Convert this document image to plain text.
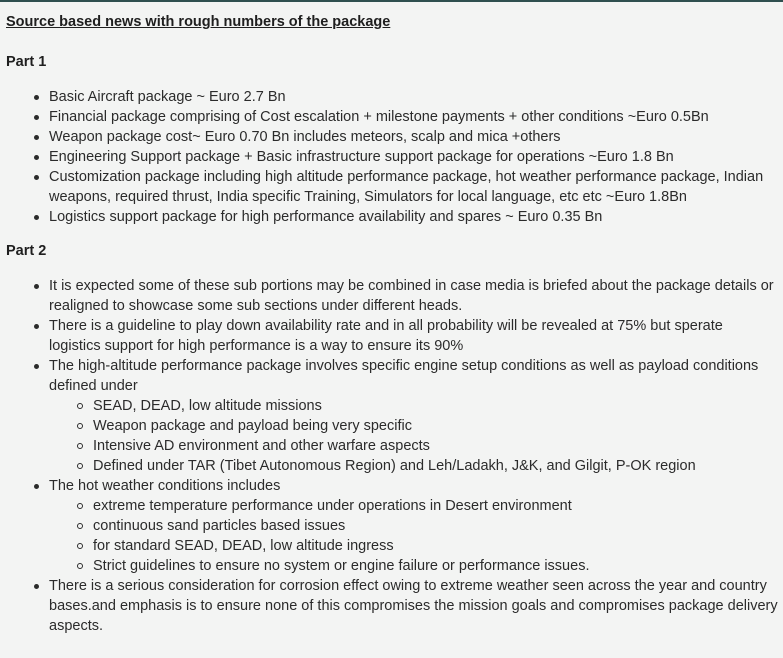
Source based news with rough numbers of the package

Part 1

Basic Aircraft package ~ Euro 2.7 Bn
Financial package comprising of Cost escalation + milestone payments + other conditions ~Euro 0.5Bn
Weapon package cost~ Euro 0.70 Bn includes meteors, scalp and mica +others
Engineering Support package + Basic infrastructure support package for operations ~Euro 1.8 Bn
Customization package including high altitude performance package, hot weather performance package, Indian weapons, required thrust, India specific Training, Simulators for local language, etc etc ~Euro 1.8Bn
Logistics support package for high performance availability and spares ~ Euro 0.35 Bn

Part 2

It is expected some of these sub portions may be combined in case media is briefed about the package details or realigned to showcase some sub sections under different heads.
There is a guideline to play down availability rate and in all probability will be revealed at 75% but sperate logistics support for high performance is a way to ensure its 90%
The high-altitude performance package involves specific engine setup conditions as well as payload conditions defined under
SEAD, DEAD, low altitude missions
Weapon package and payload being very specific
Intensive AD environment and other warfare aspects
Defined under TAR (Tibet Autonomous Region) and Leh/Ladakh, J&K, and Gilgit, P-OK region
The hot weather conditions includes
extreme temperature performance under operations in Desert environment
continuous sand particles based issues
for standard SEAD, DEAD, low altitude ingress
Strict guidelines to ensure no system or engine failure or performance issues.
There is a serious consideration for corrosion effect owing to extreme weather seen across the year and country bases.and emphasis is to ensure none of this compromises the mission goals and compromises package delivery aspects.
